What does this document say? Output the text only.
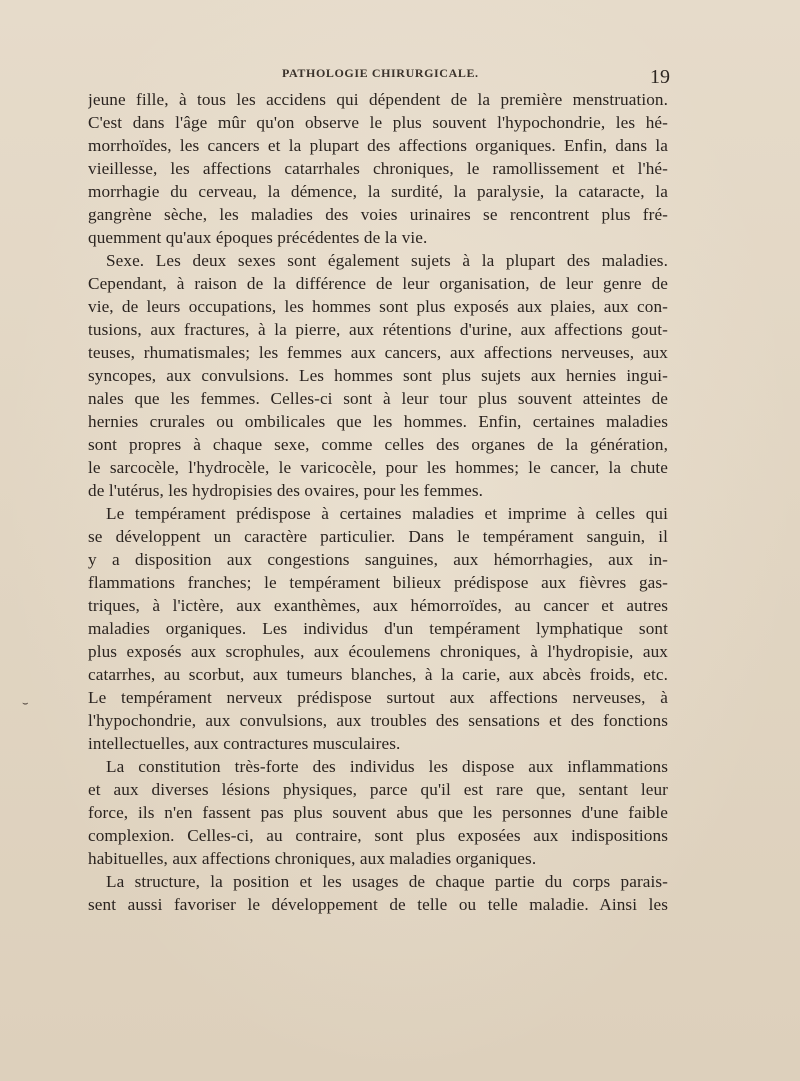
PATHOLOGIE CHIRURGICALE.	19
jeune fille, à tous les accidens qui dépendent de la première menstruation.
C'est dans l'âge mûr qu'on observe le plus souvent l'hypochondrie, les hé-
morrhoïdes, les cancers et la plupart des affections organiques. Enfin, dans la
vieillesse, les affections catarrhales chroniques, le ramollissement et l'hé-
morrhagie du cerveau, la démence, la surdité, la paralysie, la cataracte, la
gangrène sèche, les maladies des voies urinaires se rencontrent plus fré-
quemment qu'aux époques précédentes de la vie.
Sexe. Les deux sexes sont également sujets à la plupart des maladies.
Cependant, à raison de la différence de leur organisation, de leur genre de
vie, de leurs occupations, les hommes sont plus exposés aux plaies, aux con-
tusions, aux fractures, à la pierre, aux rétentions d'urine, aux affections gout-
teuses, rhumatismales; les femmes aux cancers, aux affections nerveuses, aux
syncopes, aux convulsions. Les hommes sont plus sujets aux hernies ingui-
nales que les femmes. Celles-ci sont à leur tour plus souvent atteintes de
hernies crurales ou ombilicales que les hommes. Enfin, certaines maladies
sont propres à chaque sexe, comme celles des organes de la génération,
le sarcocèle, l'hydrocèle, le varicocèle, pour les hommes; le cancer, la chute
de l'utérus, les hydropisies des ovaires, pour les femmes.
Le tempérament prédispose à certaines maladies et imprime à celles qui
se développent un caractère particulier. Dans le tempérament sanguin, il
y a disposition aux congestions sanguines, aux hémorrhagies, aux in-
flammations franches; le tempérament bilieux prédispose aux fièvres gas-
triques, à l'ictère, aux exanthèmes, aux hémorroïdes, au cancer et autres
maladies organiques. Les individus d'un tempérament lymphatique sont
plus exposés aux scrophules, aux écoulemens chroniques, à l'hydropisie, aux
catarrhes, au scorbut, aux tumeurs blanches, à la carie, aux abcès froids, etc.
Le tempérament nerveux prédispose surtout aux affections nerveuses, à
l'hypochondrie, aux convulsions, aux troubles des sensations et des fonctions
intellectuelles, aux contractures musculaires.
La constitution très-forte des individus les dispose aux inflammations
et aux diverses lésions physiques, parce qu'il est rare que, sentant leur
force, ils n'en fassent pas plus souvent abus que les personnes d'une faible
complexion. Celles-ci, au contraire, sont plus exposées aux indispositions
habituelles, aux affections chroniques, aux maladies organiques.
La structure, la position et les usages de chaque partie du corps parais-
sent aussi favoriser le développement de telle ou telle maladie. Ainsi les
⌣
